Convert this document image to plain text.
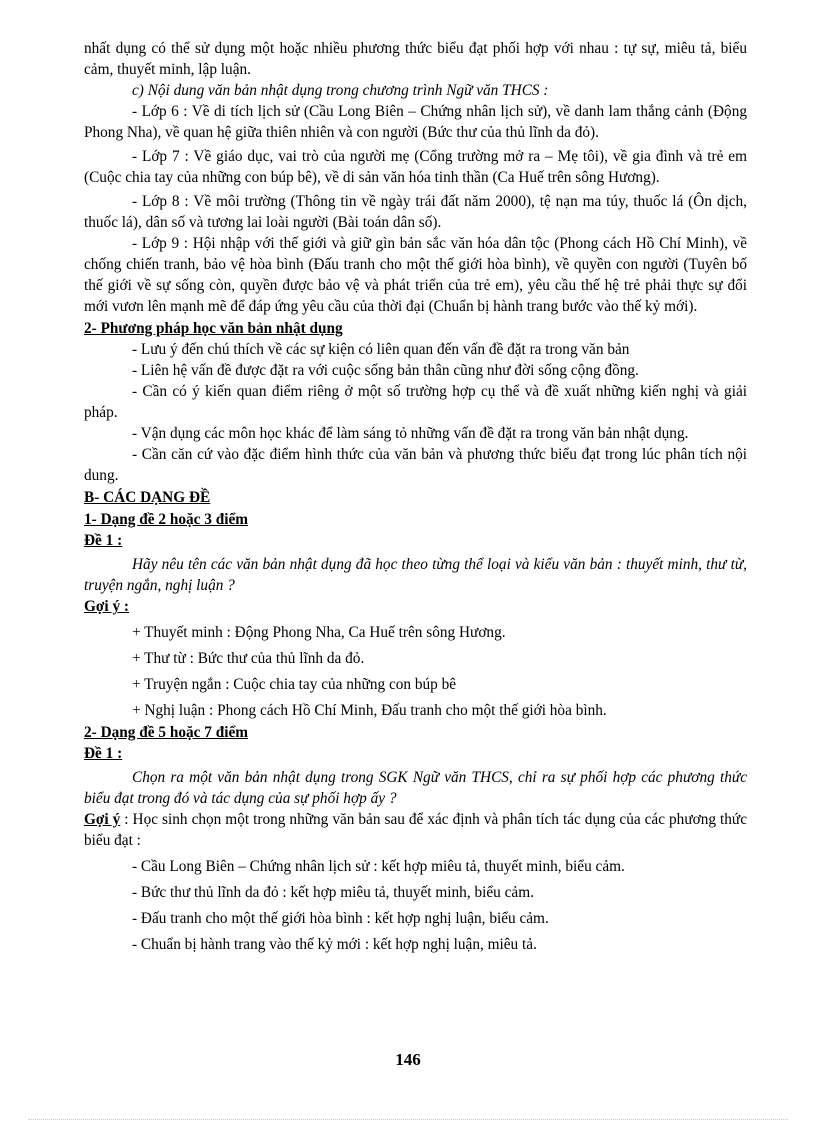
nhất dụng có thể sử dụng một hoặc nhiều phương thức biểu đạt phối hợp với nhau : tự sự, miêu tả, biểu cảm, thuyết minh, lập luận.

c) Nội dung văn bản nhật dụng trong chương trình Ngữ văn THCS :

- Lớp 6 : Về di tích lịch sử (Cầu Long Biên – Chứng nhân lịch sử), về danh lam thắng cảnh (Động Phong Nha), về quan hệ giữa thiên nhiên và con người (Bức thư của thủ lĩnh da đỏ).

- Lớp 7 : Về giáo dục, vai trò của người mẹ (Cổng trường mở ra – Mẹ tôi), về gia đình và trẻ em (Cuộc chia tay của những con búp bê), về di sản văn hóa tinh thần (Ca Huế trên sông Hương).

- Lớp 8 : Về môi trường (Thông tin về ngày trái đất năm 2000), tệ nạn ma túy, thuốc lá (Ôn dịch, thuốc lá), dân số và tương lai loài người (Bài toán dân số).

- Lớp 9 : Hội nhập với thế giới và giữ gìn bản sắc văn hóa dân tộc (Phong cách Hồ Chí Minh), về chống chiến tranh, bảo vệ hòa bình (Đấu tranh cho một thế giới hòa bình), về quyền con người (Tuyên bố thế giới về sự sống còn, quyền được bảo vệ và phát triển của trẻ em), yêu cầu thế hệ trẻ phải thực sự đổi mới vươn lên mạnh mẽ để đáp ứng yêu cầu của thời đại (Chuẩn bị hành trang bước vào thế kỷ mới).

2- Phương pháp học văn bản nhật dụng

- Lưu ý đến chú thích về các sự kiện có liên quan đến vấn đề đặt ra trong văn bản

- Liên hệ vấn đề được đặt ra với cuộc sống bản thân cũng như đời sống cộng đồng.

- Cần có ý kiến quan điểm riêng ở một số trường hợp cụ thể và đề xuất những kiến nghị và giải pháp.

- Vận dụng các môn học khác để làm sáng tỏ những vấn đề đặt ra trong văn bản nhật dụng.

- Cần căn cứ vào đặc điểm hình thức của văn bản và phương thức biểu đạt trong lúc phân tích nội dung.

B- CÁC DẠNG ĐỀ

1- Dạng đề 2 hoặc 3 điểm

Đề 1 :

Hãy nêu tên các văn bản nhật dụng đã học theo từng thể loại và kiểu văn bản : thuyết minh, thư từ, truyện ngắn, nghị luận ?

Gợi ý :

+ Thuyết minh : Động Phong Nha, Ca Huế trên sông Hương.

+ Thư từ : Bức thư của thủ lĩnh da đỏ.

+ Truyện ngắn : Cuộc chia tay của những con búp bê

+ Nghị luận : Phong cách Hồ Chí Minh, Đấu tranh cho một thế giới hòa bình.

2- Dạng đề 5 hoặc 7 điểm

Đề 1 :

Chọn ra một văn bản nhật dụng trong SGK Ngữ văn THCS, chỉ ra sự phối hợp các phương thức biểu đạt trong đó và tác dụng của sự phối hợp ấy ?

Gợi ý : Học sinh chọn một trong những văn bản sau để xác định và phân tích tác dụng của các phương thức biểu đạt :

- Cầu Long Biên – Chứng nhân lịch sử : kết hợp miêu tả, thuyết minh, biểu cảm.

- Bức thư thủ lĩnh da đỏ : kết hợp miêu tả, thuyết minh, biểu cảm.

- Đấu tranh cho một thế giới hòa bình : kết hợp nghị luận, biểu cảm.

- Chuẩn bị hành trang vào thế kỷ mới : kết hợp nghị luận, miêu tả.

146
